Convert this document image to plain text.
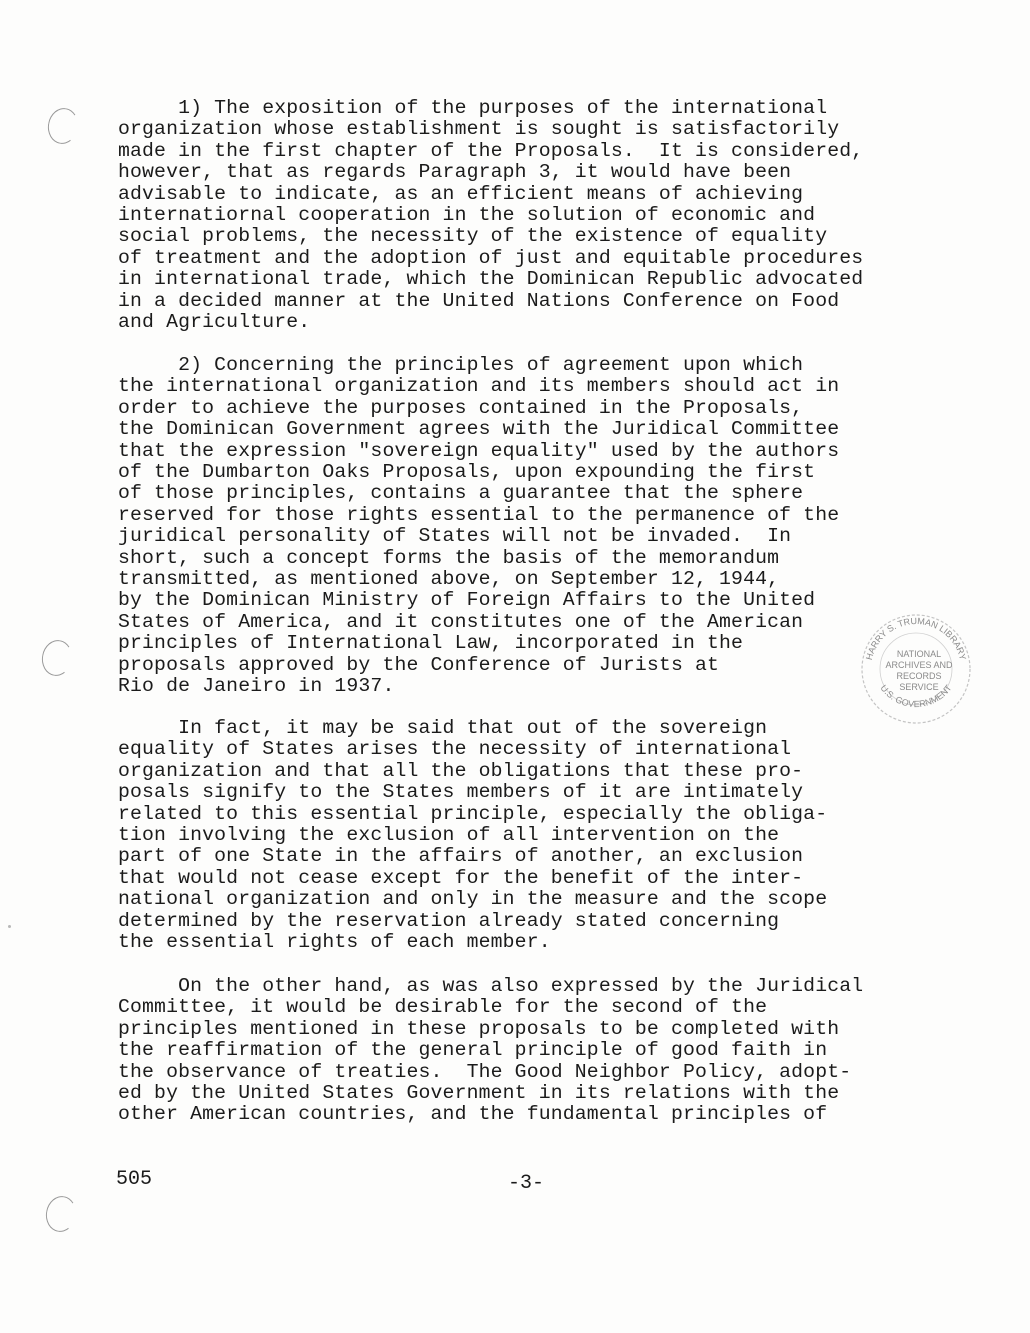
1) The exposition of the purposes of the international
organization whose establishment is sought is satisfactorily
made in the first chapter of the Proposals.  It is considered,
however, that as regards Paragraph 3, it would have been
advisable to indicate, as an efficient means of achieving
internatiornal cooperation in the solution of economic and
social problems, the necessity of the existence of equality
of treatment and the adoption of just and equitable procedures
in international trade, which the Dominican Republic advocated
in a decided manner at the United Nations Conference on Food
and Agriculture.
2) Concerning the principles of agreement upon which
the international organization and its members should act in
order to achieve the purposes contained in the Proposals,
the Dominican Government agrees with the Juridical Committee
that the expression "sovereign equality" used by the authors
of the Dumbarton Oaks Proposals, upon expounding the first
of those principles, contains a guarantee that the sphere
reserved for those rights essential to the permanence of the
juridical personality of States will not be invaded.  In
short, such a concept forms the basis of the memorandum
transmitted, as mentioned above, on September 12, 1944,
by the Dominican Ministry of Foreign Affairs to the United
States of America, and it constitutes one of the American
principles of International Law, incorporated in the
proposals approved by the Conference of Jurists at
Rio de Janeiro in 1937.
In fact, it may be said that out of the sovereign
equality of States arises the necessity of international
organization and that all the obligations that these pro-
posals signify to the States members of it are intimately
related to this essential principle, especially the obliga-
tion involving the exclusion of all intervention on the
part of one State in the affairs of another, an exclusion
that would not cease except for the benefit of the inter-
national organization and only in the measure and the scope
determined by the reservation already stated concerning
the essential rights of each member.
On the other hand, as was also expressed by the Juridical
Committee, it would be desirable for the second of the
principles mentioned in these proposals to be completed with
the reaffirmation of the general principle of good faith in
the observance of treaties.  The Good Neighbor Policy, adopt-
ed by the United States Government in its relations with the
other American countries, and the fundamental principles of
HARRY S. TRUMAN LIBRARY
U.S. GOVERNMENT
NATIONAL
ARCHIVES AND
RECORDS
SERVICE
505	-3-
